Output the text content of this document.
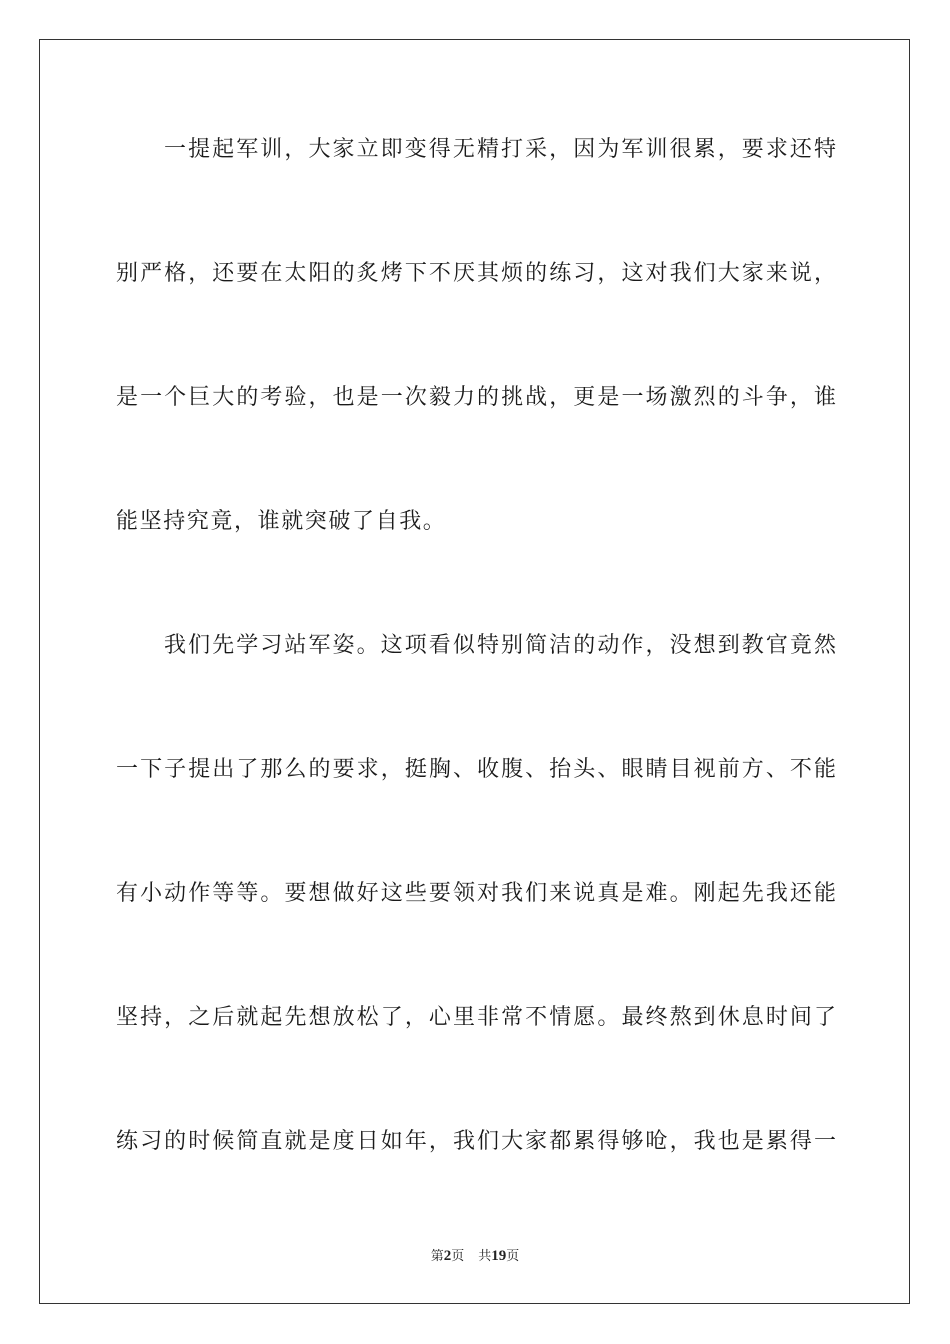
一提起军训，大家立即变得无精打采，因为军训很累，要求还特
别严格，还要在太阳的炙烤下不厌其烦的练习，这对我们大家来说，
是一个巨大的考验，也是一次毅力的挑战，更是一场激烈的斗争，谁
能坚持究竟，谁就突破了自我。
我们先学习站军姿。这项看似特别简洁的动作，没想到教官竟然
一下子提出了那么的要求，挺胸、收腹、抬头、眼睛目视前方、不能
有小动作等等。要想做好这些要领对我们来说真是难。刚起先我还能
坚持，之后就起先想放松了，心里非常不情愿。最终熬到休息时间了
练习的时候简直就是度日如年，我们大家都累得够呛，我也是累得一
第2页 共19页
